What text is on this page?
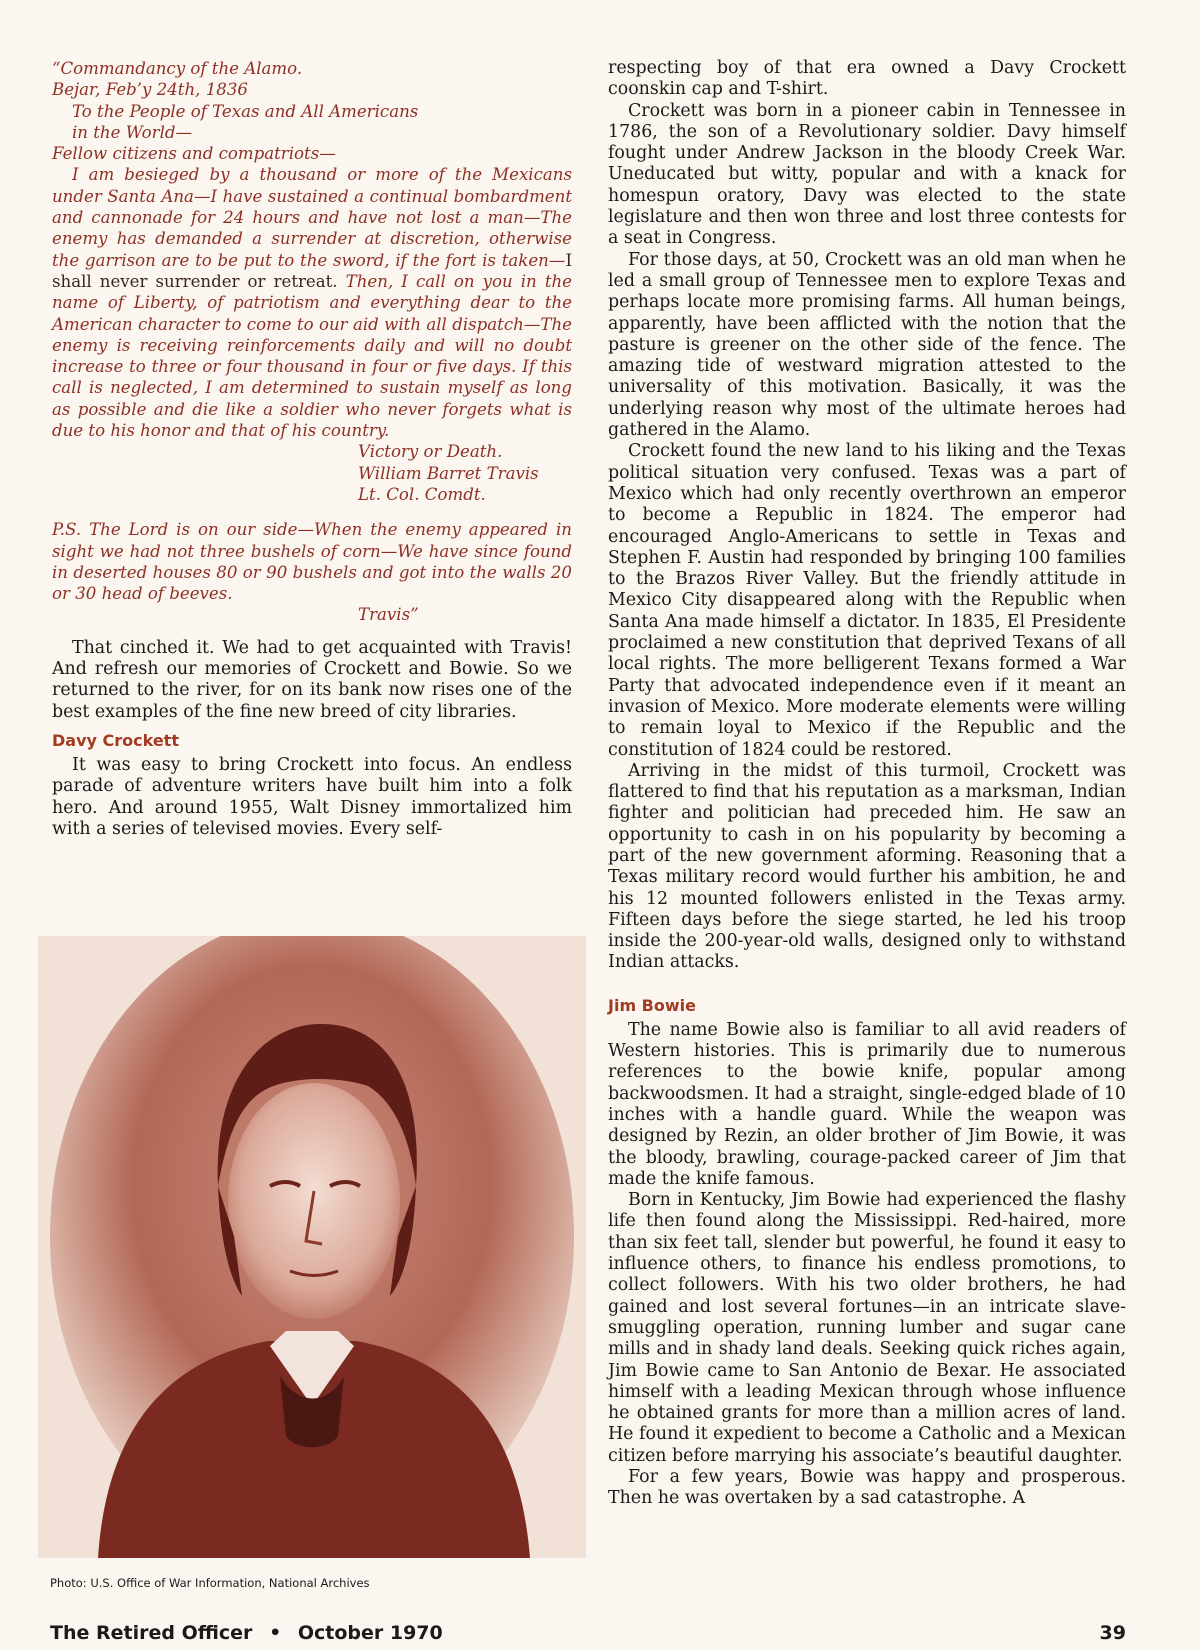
“Commandancy of the Alamo.

Bejar, Feb’y 24th, 1836

To the People of Texas and All Americans

in the World—

Fellow citizens and compatriots—

I am besieged by a thousand or more of the Mexicans under Santa Ana—I have sustained a continual bombardment and cannonade for 24 hours and have not lost a man—The enemy has demanded a surrender at discretion, otherwise the garrison are to be put to the sword, if the fort is taken—I shall never surrender or retreat. Then, I call on you in the name of Liberty, of patriotism and everything dear to the American character to come to our aid with all dispatch—The enemy is receiving reinforcements daily and will no doubt increase to three or four thousand in four or five days. If this call is neglected, I am determined to sustain myself as long as possible and die like a soldier who never forgets what is due to his honor and that of his country.

Victory or Death.

William Barret Travis

Lt. Col. Comdt.

P.S. The Lord is on our side—When the enemy appeared in sight we had not three bushels of corn—We have since found in deserted houses 80 or 90 bushels and got into the walls 20 or 30 head of beeves.

Travis”

That cinched it. We had to get acquainted with Travis! And refresh our memories of Crockett and Bowie. So we returned to the river, for on its bank now rises one of the best examples of the fine new breed of city libraries.

Davy Crockett

It was easy to bring Crockett into focus. An endless parade of adventure writers have built him into a folk hero. And around 1955, Walt Disney immortalized him with a series of televised movies. Every self-

Photo: U.S. Office of War Information, National Archives

respecting boy of that era owned a Davy Crockett coonskin cap and T-shirt.

Crockett was born in a pioneer cabin in Tennessee in 1786, the son of a Revolutionary soldier. Davy himself fought under Andrew Jackson in the bloody Creek War. Uneducated but witty, popular and with a knack for homespun oratory, Davy was elected to the state legislature and then won three and lost three contests for a seat in Congress.

For those days, at 50, Crockett was an old man when he led a small group of Tennessee men to explore Texas and perhaps locate more promising farms. All human beings, apparently, have been afflicted with the notion that the pasture is greener on the other side of the fence. The amazing tide of westward migration attested to the universality of this motivation. Basically, it was the underlying reason why most of the ultimate heroes had gathered in the Alamo.

Crockett found the new land to his liking and the Texas political situation very confused. Texas was a part of Mexico which had only recently overthrown an emperor to become a Republic in 1824. The emperor had encouraged Anglo-Americans to settle in Texas and Stephen F. Austin had responded by bringing 100 families to the Brazos River Valley. But the friendly attitude in Mexico City disappeared along with the Republic when Santa Ana made himself a dictator. In 1835, El Presidente proclaimed a new constitution that deprived Texans of all local rights. The more belligerent Texans formed a War Party that advocated independence even if it meant an invasion of Mexico. More moderate elements were willing to remain loyal to Mexico if the Republic and the constitution of 1824 could be restored.

Arriving in the midst of this turmoil, Crockett was flattered to find that his reputation as a marksman, Indian fighter and politician had preceded him. He saw an opportunity to cash in on his popularity by becoming a part of the new government aforming. Reasoning that a Texas military record would further his ambition, he and his 12 mounted followers enlisted in the Texas army. Fifteen days before the siege started, he led his troop inside the 200-year-old walls, designed only to withstand Indian attacks.

Jim Bowie

The name Bowie also is familiar to all avid readers of Western histories. This is primarily due to numerous references to the bowie knife, popular among backwoodsmen. It had a straight, single-edged blade of 10 inches with a handle guard. While the weapon was designed by Rezin, an older brother of Jim Bowie, it was the bloody, brawling, courage-packed career of Jim that made the knife famous.

Born in Kentucky, Jim Bowie had experienced the flashy life then found along the Mississippi. Red-haired, more than six feet tall, slender but powerful, he found it easy to influence others, to finance his endless promotions, to collect followers. With his two older brothers, he had gained and lost several fortunes—in an intricate slave-smuggling operation, running lumber and sugar cane mills and in shady land deals. Seeking quick riches again, Jim Bowie came to San Antonio de Bexar. He associated himself with a leading Mexican through whose influence he obtained grants for more than a million acres of land. He found it expedient to become a Catholic and a Mexican citizen before marrying his associate’s beautiful daughter.

For a few years, Bowie was happy and prosperous. Then he was overtaken by a sad catastrophe. A

The Retired Officer • October 1970	39
